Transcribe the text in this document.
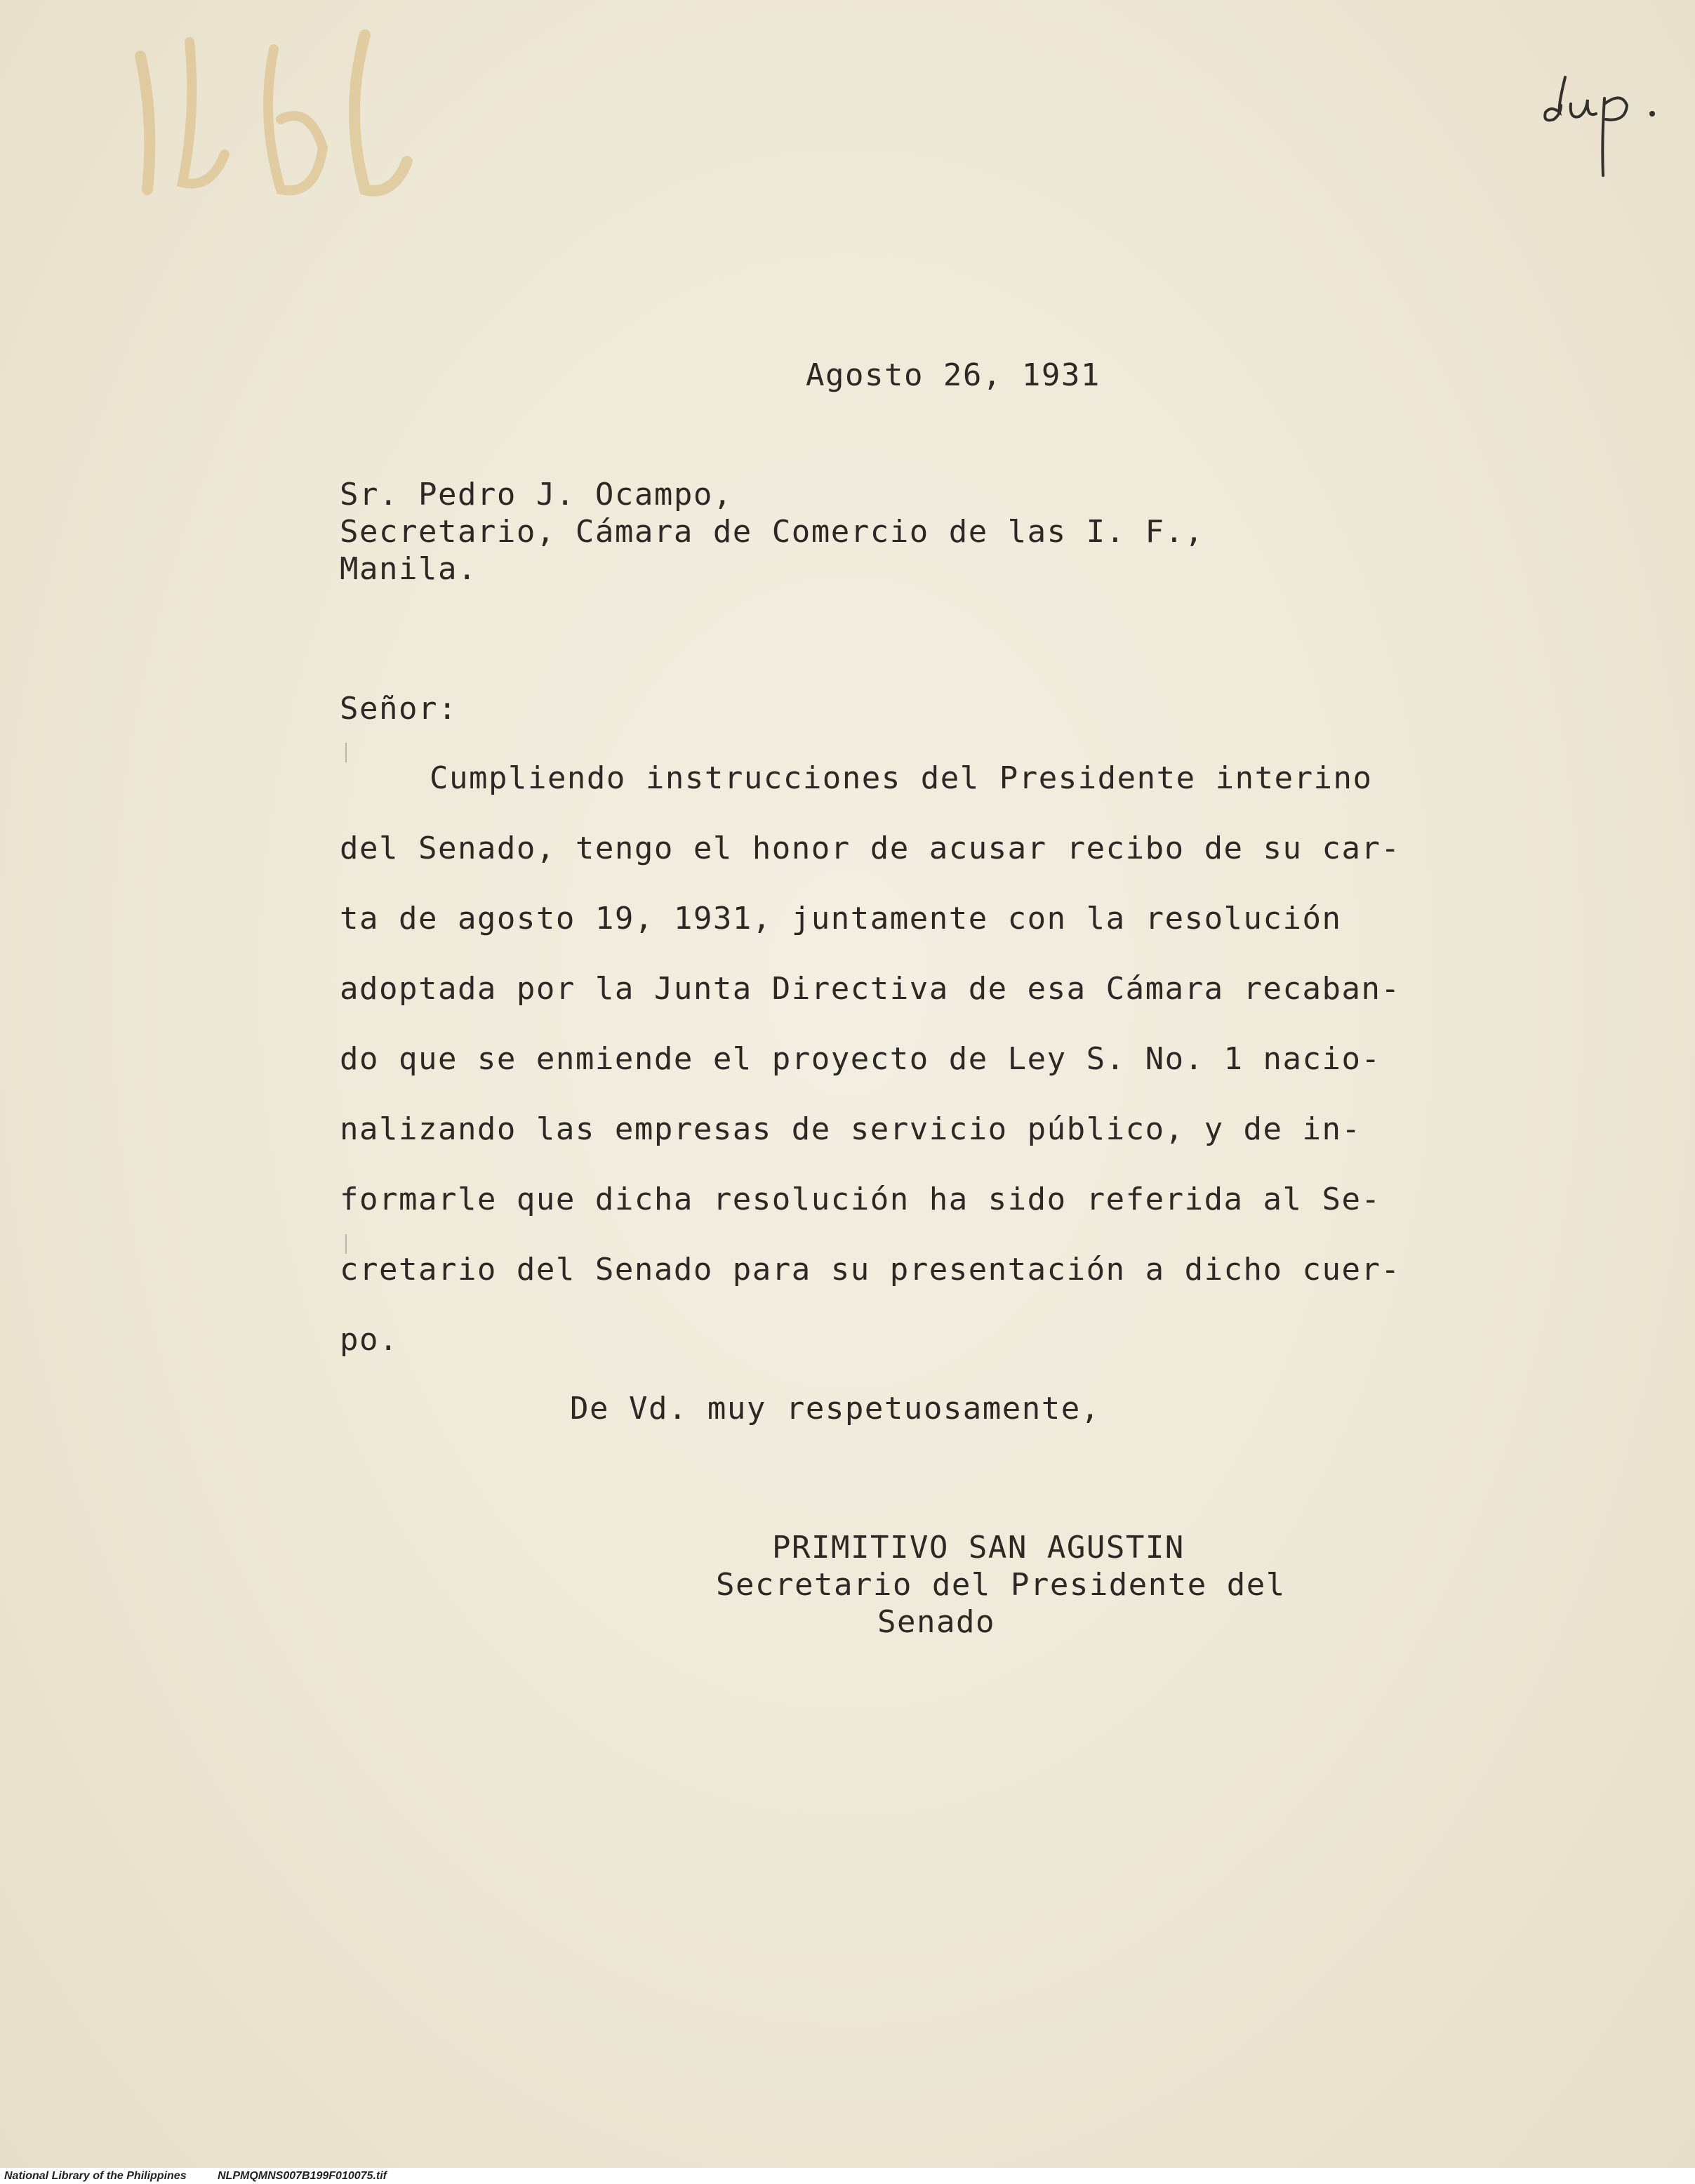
Agosto 26, 1931
Sr. Pedro J. Ocampo,
Secretario, Cámara de Comercio de las I. F.,
Manila.
Señor:
Cumpliendo instrucciones del Presidente interino
del Senado, tengo el honor de acusar recibo de su car-
ta de agosto 19, 1931, juntamente con la resolución
adoptada por la Junta Directiva de esa Cámara recaban-
do que se enmiende el proyecto de Ley S. No. 1 nacio-
nalizando las empresas de servicio público, y de in-
formarle que dicha resolución ha sido referida al Se-
cretario del Senado para su presentación a dicho cuer-
po.
De Vd. muy respetuosamente,
PRIMITIVO SAN AGUSTIN
Secretario del Presidente del
Senado
National Library of the Philippines	NLPMQMNS007B199F010075.tif
